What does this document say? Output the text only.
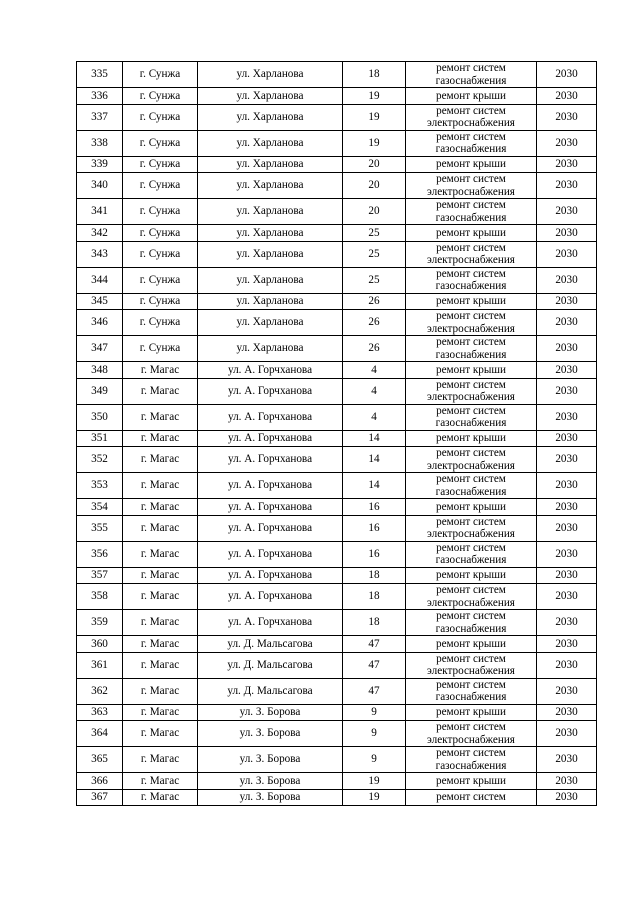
335	г. Сунжа	ул. Харланова	18	ремонт систем газоснабжения	2030
336	г. Сунжа	ул. Харланова	19	ремонт крыши	2030
337	г. Сунжа	ул. Харланова	19	ремонт систем электроснабжения	2030
338	г. Сунжа	ул. Харланова	19	ремонт систем газоснабжения	2030
339	г. Сунжа	ул. Харланова	20	ремонт крыши	2030
340	г. Сунжа	ул. Харланова	20	ремонт систем электроснабжения	2030
341	г. Сунжа	ул. Харланова	20	ремонт систем газоснабжения	2030
342	г. Сунжа	ул. Харланова	25	ремонт крыши	2030
343	г. Сунжа	ул. Харланова	25	ремонт систем электроснабжения	2030
344	г. Сунжа	ул. Харланова	25	ремонт систем газоснабжения	2030
345	г. Сунжа	ул. Харланова	26	ремонт крыши	2030
346	г. Сунжа	ул. Харланова	26	ремонт систем электроснабжения	2030
347	г. Сунжа	ул. Харланова	26	ремонт систем газоснабжения	2030
348	г. Магас	ул. А. Горчханова	4	ремонт крыши	2030
349	г. Магас	ул. А. Горчханова	4	ремонт систем электроснабжения	2030
350	г. Магас	ул. А. Горчханова	4	ремонт систем газоснабжения	2030
351	г. Магас	ул. А. Горчханова	14	ремонт крыши	2030
352	г. Магас	ул. А. Горчханова	14	ремонт систем электроснабжения	2030
353	г. Магас	ул. А. Горчханова	14	ремонт систем газоснабжения	2030
354	г. Магас	ул. А. Горчханова	16	ремонт крыши	2030
355	г. Магас	ул. А. Горчханова	16	ремонт систем электроснабжения	2030
356	г. Магас	ул. А. Горчханова	16	ремонт систем газоснабжения	2030
357	г. Магас	ул. А. Горчханова	18	ремонт крыши	2030
358	г. Магас	ул. А. Горчханова	18	ремонт систем электроснабжения	2030
359	г. Магас	ул. А. Горчханова	18	ремонт систем газоснабжения	2030
360	г. Магас	ул. Д. Мальсагова	47	ремонт крыши	2030
361	г. Магас	ул. Д. Мальсагова	47	ремонт систем электроснабжения	2030
362	г. Магас	ул. Д. Мальсагова	47	ремонт систем газоснабжения	2030
363	г. Магас	ул. З. Борова	9	ремонт крыши	2030
364	г. Магас	ул. З. Борова	9	ремонт систем электроснабжения	2030
365	г. Магас	ул. З. Борова	9	ремонт систем газоснабжения	2030
366	г. Магас	ул. З. Борова	19	ремонт крыши	2030
367	г. Магас	ул. З. Борова	19	ремонт систем	2030
